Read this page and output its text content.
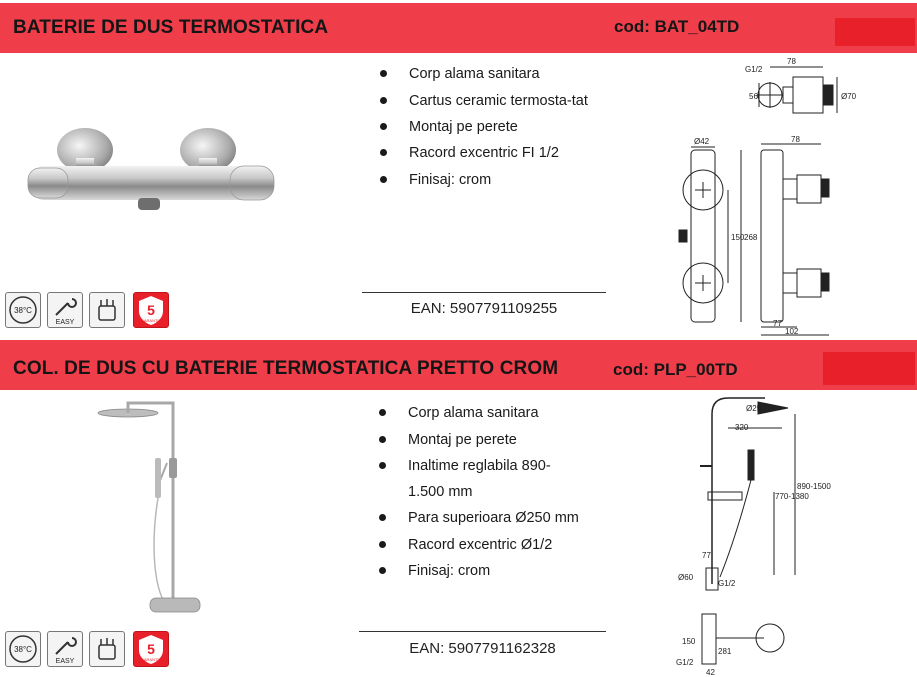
BATERIE DE DUS TERMOSTATICA	cod: BAT_04TD
Corp alama sanitara
Cartus ceramic termosta-tat
Montaj pe perete
Racord excentric FI 1/2
Finisaj: crom
EAN: 5907791109255
78
G1/2
56	Ø70
Ø42
150 268
78
77
102
38°C
EASY
5
GARANTIE
COL. DE DUS CU BATERIE TERMOSTATICA PRETTO CROM	cod: PLP_00TD
Corp alama sanitara
Montaj pe perete
Inaltime reglabila 890-1.500 mm
Para superioara Ø250 mm
Racord excentric Ø1/2
Finisaj: crom
EAN: 5907791162328
Ø250
320
890-1500
770-1380
77
Ø60
G1/2
150
281
G1/2
42
38°C
EASY
5
GARANTIE
